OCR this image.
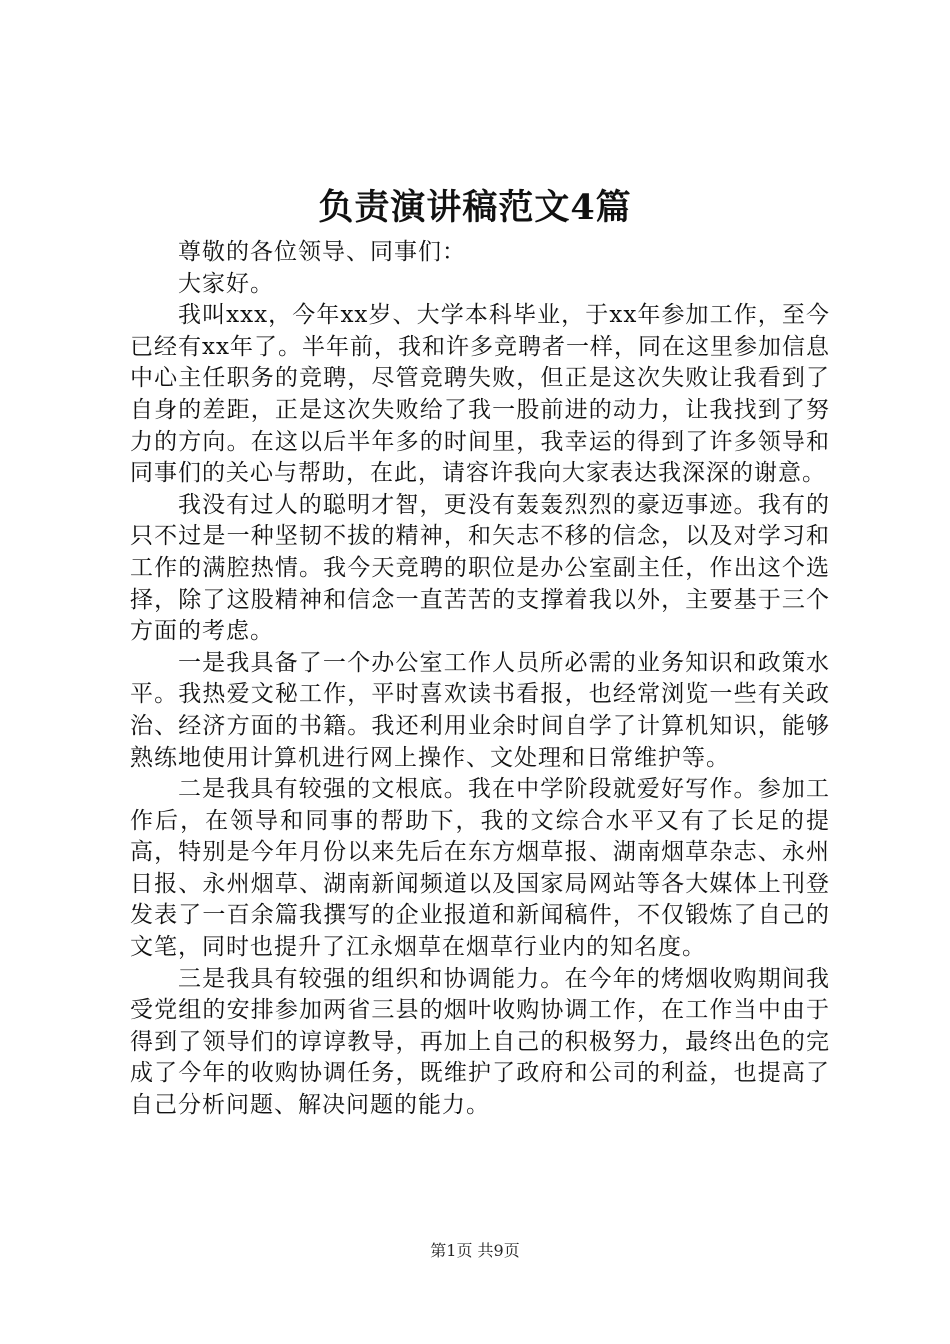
负责演讲稿范文4篇

尊敬的各位领导、同事们：

大家好。

我叫xxx，今年xx岁、大学本科毕业，于xx年参加工作，至今已经有xx年了。半年前，我和许多竞聘者一样，同在这里参加信息中心主任职务的竞聘，尽管竞聘失败，但正是这次失败让我看到了自身的差距，正是这次失败给了我一股前进的动力，让我找到了努力的方向。在这以后半年多的时间里，我幸运的得到了许多领导和同事们的关心与帮助，在此，请容许我向大家表达我深深的谢意。

我没有过人的聪明才智，更没有轰轰烈烈的豪迈事迹。我有的只不过是一种坚韧不拔的精神，和矢志不移的信念，以及对学习和工作的满腔热情。我今天竞聘的职位是办公室副主任，作出这个选择，除了这股精神和信念一直苦苦的支撑着我以外，主要基于三个方面的考虑。

一是我具备了一个办公室工作人员所必需的业务知识和政策水平。我热爱文秘工作，平时喜欢读书看报，也经常浏览一些有关政治、经济方面的书籍。我还利用业余时间自学了计算机知识，能够熟练地使用计算机进行网上操作、文处理和日常维护等。

二是我具有较强的文根底。我在中学阶段就爱好写作。参加工作后，在领导和同事的帮助下，我的文综合水平又有了长足的提高，特别是今年月份以来先后在东方烟草报、湖南烟草杂志、永州日报、永州烟草、湖南新闻频道以及国家局网站等各大媒体上刊登发表了一百余篇我撰写的企业报道和新闻稿件，不仅锻炼了自己的文笔，同时也提升了江永烟草在烟草行业内的知名度。

三是我具有较强的组织和协调能力。在今年的烤烟收购期间我受党组的安排参加两省三县的烟叶收购协调工作，在工作当中由于得到了领导们的谆谆教导，再加上自己的积极努力，最终出色的完成了今年的收购协调任务，既维护了政府和公司的利益，也提高了自己分析问题、解决问题的能力。

第1页 共9页
